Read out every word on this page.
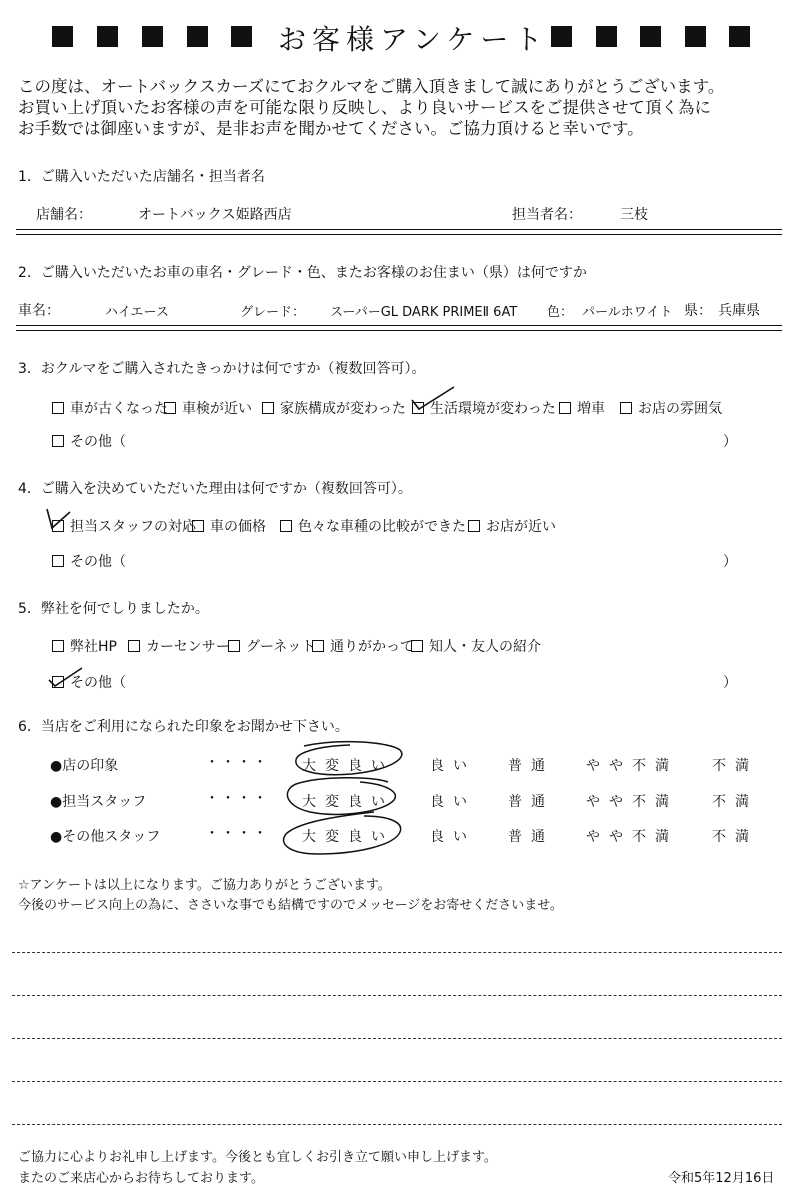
お客様アンケート
この度は、オートバックスカーズにておクルマをご購入頂きまして誠にありがとうございます。
お買い上げ頂いたお客様の声を可能な限り反映し、より良いサービスをご提供させて頂く為に
お手数では御座いますが、是非お声を聞かせてください。ご協力頂けると幸いです。
1．ご購入いただいた店舗名・担当者名
店舗名：	オートバックス姫路西店	担当者名：	三枝
2．ご購入いただいたお車の車名・グレード・色、またお客様のお住まい（県）は何ですか
車名：	ハイエース	グレード： スーパーGL DARK PRIMEⅡ 6AT 色： パールホワイト 県： 兵庫県
3．おクルマをご購入されたきっかけは何ですか（複数回答可）。
車が古くなった	車検が近い	家族構成が変わった	生活環境が変わった	増車	お店の雰囲気
その他（	）
4．ご購入を決めていただいた理由は何ですか（複数回答可）。
担当スタッフの対応	車の価格	色々な車種の比較ができた	お店が近い
その他（	）
5．弊社を何でしりましたか。
弊社HP	カーセンサー	グーネット	通りがかって	知人・友人の紹介
その他（	）
6．当店をご利用になられた印象をお聞かせ下さい。
●店の印象	・・・・ 大変良い	良い 普通 やや不満 不満
●担当スタッフ	・・・・ 大変良い	良い 普通 やや不満 不満
●その他スタッフ	・・・・ 大変良い	良い 普通 やや不満 不満
☆アンケートは以上になります。ご協力ありがとうございます。
今後のサービス向上の為に、ささいな事でも結構ですのでメッセージをお寄せくださいませ。
ご協力に心よりお礼申し上げます。今後とも宜しくお引き立て願い申し上げます。
またのご来店心からお待ちしております。	令和5年12月16日
